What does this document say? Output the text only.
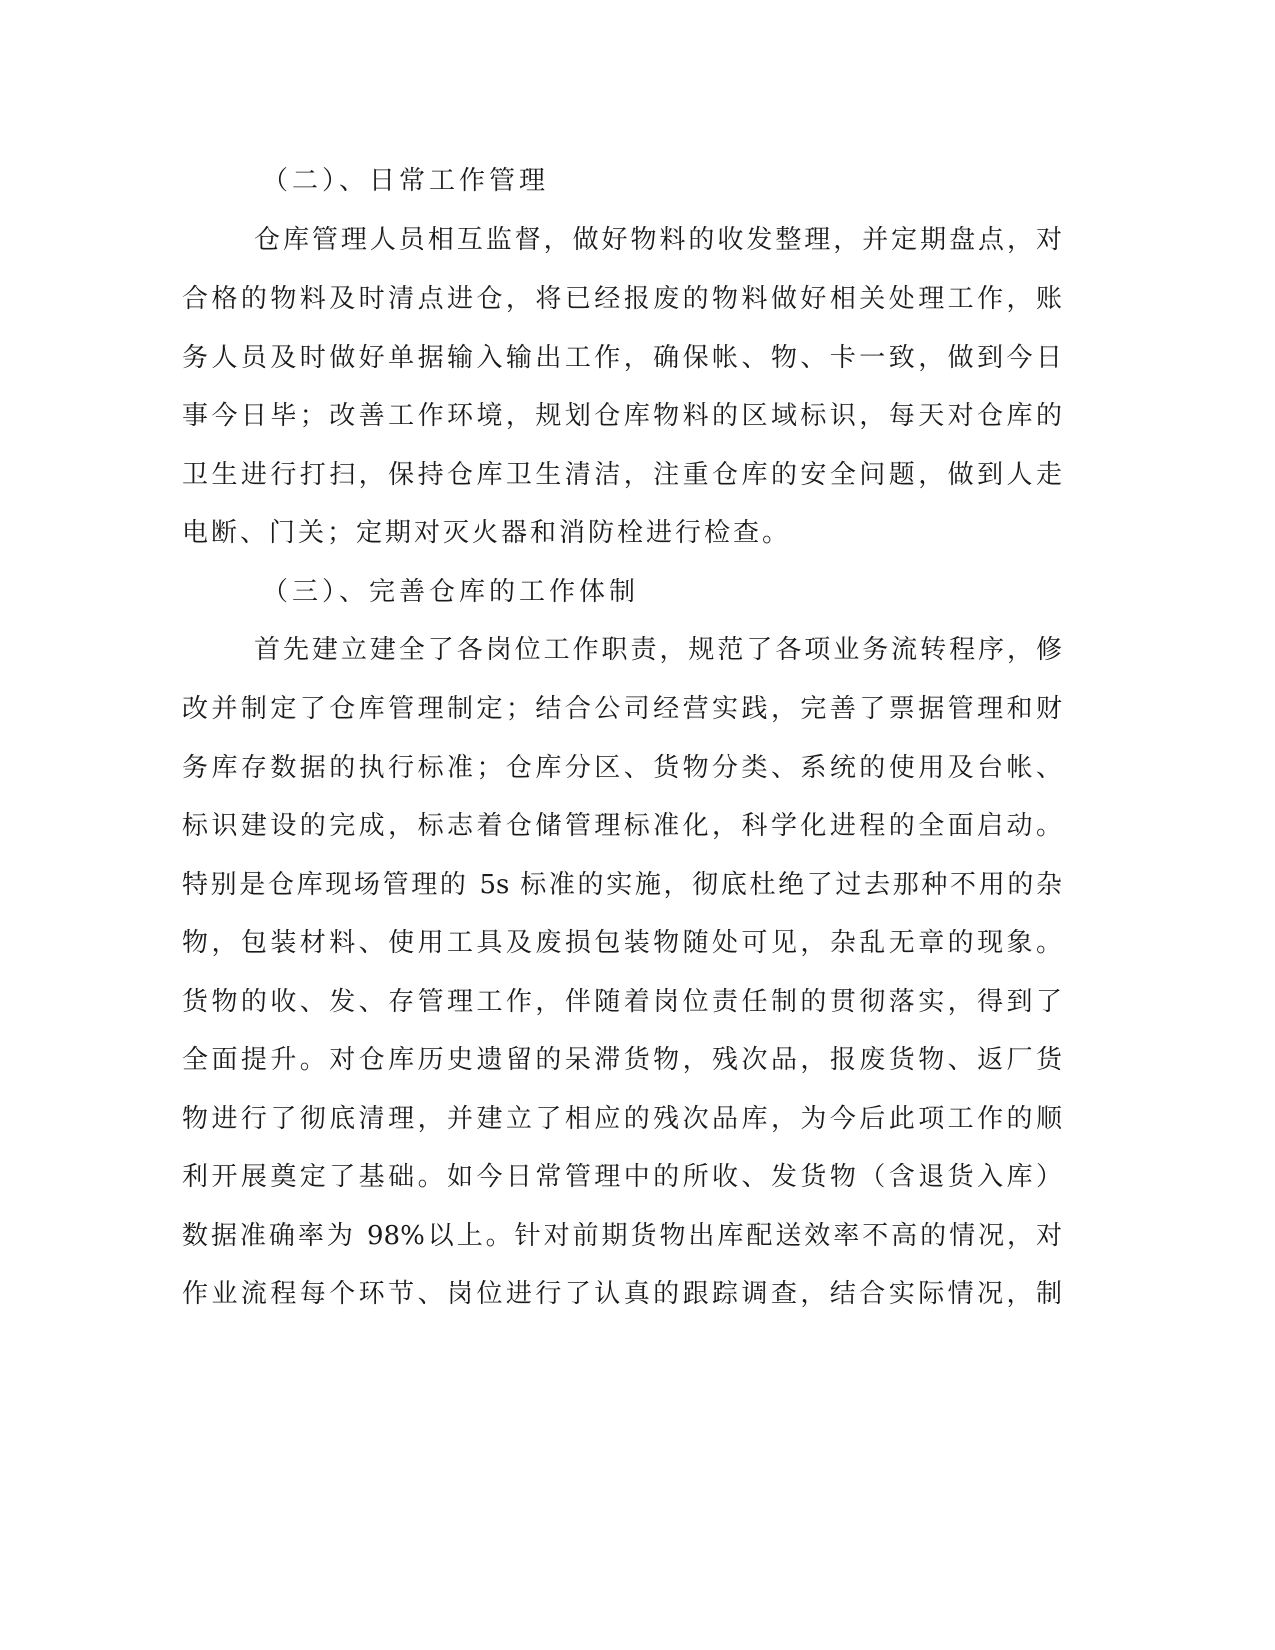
（二）、日常工作管理
仓库管理人员相互监督，做好物料的收发整理，并定期盘点，对
合格的物料及时清点进仓，将已经报废的物料做好相关处理工作，账
务人员及时做好单据输入输出工作，确保帐、物、卡一致，做到今日
事今日毕；改善工作环境，规划仓库物料的区域标识，每天对仓库的
卫生进行打扫，保持仓库卫生清洁，注重仓库的安全问题，做到人走
电断、门关；定期对灭火器和消防栓进行检查。
（三）、完善仓库的工作体制
首先建立建全了各岗位工作职责，规范了各项业务流转程序，修
改并制定了仓库管理制定；结合公司经营实践，完善了票据管理和财
务库存数据的执行标准；仓库分区、货物分类、系统的使用及台帐、
标识建设的完成，标志着仓储管理标准化，科学化进程的全面启动。
特别是仓库现场管理的 5s 标准的实施，彻底杜绝了过去那种不用的杂
物，包装材料、使用工具及废损包装物随处可见，杂乱无章的现象。
货物的收、发、存管理工作，伴随着岗位责任制的贯彻落实，得到了
全面提升。对仓库历史遗留的呆滞货物，残次品，报废货物、返厂货
物进行了彻底清理，并建立了相应的残次品库，为今后此项工作的顺
利开展奠定了基础。如今日常管理中的所收、发货物（含退货入库）
数据准确率为 98%以上。针对前期货物出库配送效率不高的情况，对
作业流程每个环节、岗位进行了认真的跟踪调查，结合实际情况，制
